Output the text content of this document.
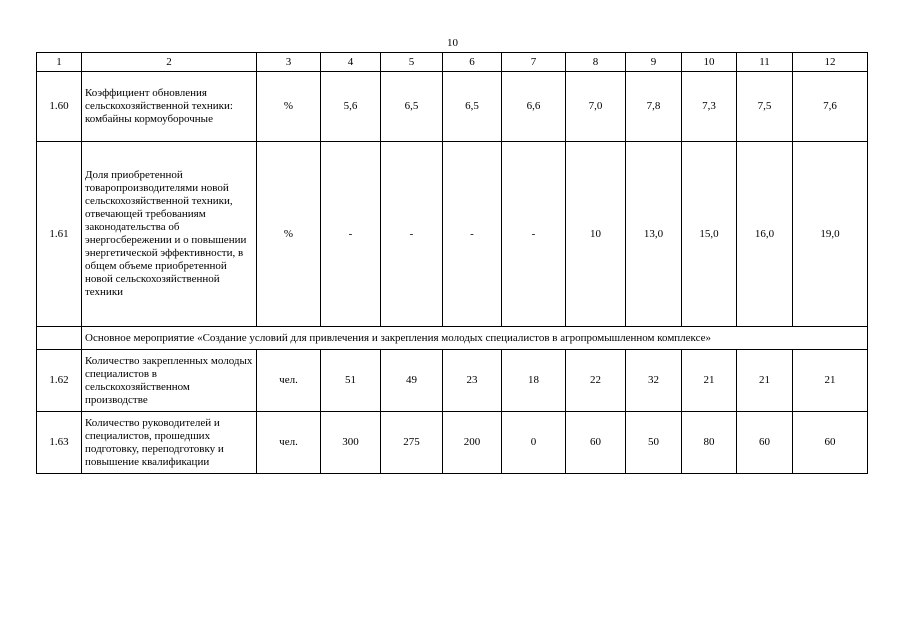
10
1	2	3	4	5	6	7	8	9	10	11	12
1.60	Коэффициент обновления сельскохозяйственной техники: комбайны кормоуборочные	%	5,6	6,5	6,5	6,6	7,0	7,8	7,3	7,5	7,6
1.61	Доля приобретенной товаропроизводителями новой сельскохозяйственной техники, отвечающей требованиям законодательства об энергосбережении и о повышении энергетической эффективности, в общем объеме приобретенной новой сельскохозяйственной техники	%	-	-	-	-	10	13,0	15,0	16,0	19,0
	Основное мероприятие «Создание условий для привлечения и закрепления молодых специалистов в агропромышленном комплексе»										
1.62	Количество закрепленных молодых специалистов в сельскохозяйственном производстве	чел.	51	49	23	18	22	32	21	21	21
1.63	Количество руководителей и специалистов, прошедших подготовку, переподготовку и повышение квалификации	чел.	300	275	200	0	60	50	80	60	60
